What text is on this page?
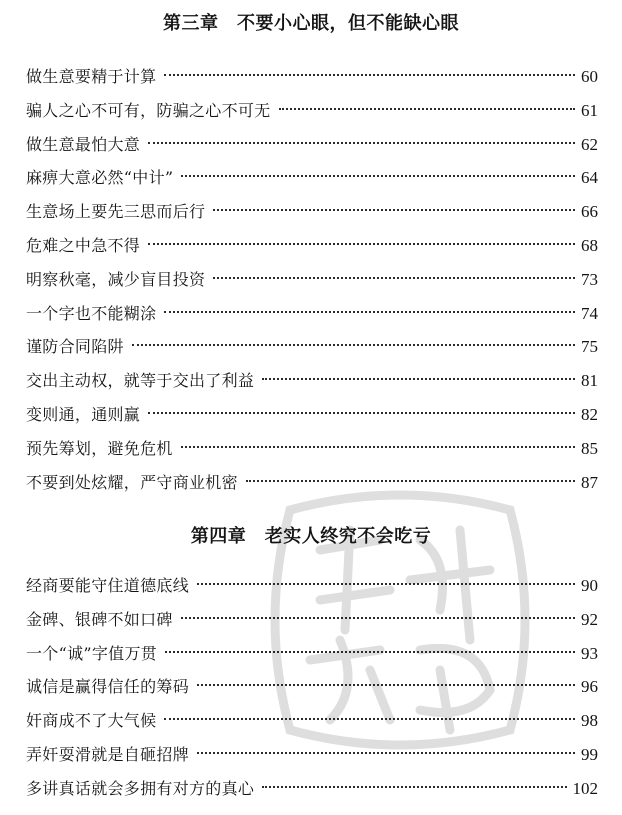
第三章　不要小心眼，但不能缺心眼
做生意要精于计算	60
骗人之心不可有，防骗之心不可无	61
做生意最怕大意	62
麻痹大意必然“中计”	64
生意场上要先三思而后行	66
危难之中急不得	68
明察秋毫，减少盲目投资	73
一个字也不能糊涂	74
谨防合同陷阱	75
交出主动权，就等于交出了利益	81
变则通，通则赢	82
预先筹划，避免危机	85
不要到处炫耀，严守商业机密	87
第四章　老实人终究不会吃亏
经商要能守住道德底线	90
金碑、银碑不如口碑	92
一个“诚”字值万贯	93
诚信是赢得信任的筹码	96
奸商成不了大气候	98
弄奸耍滑就是自砸招牌	99
多讲真话就会多拥有对方的真心	102
